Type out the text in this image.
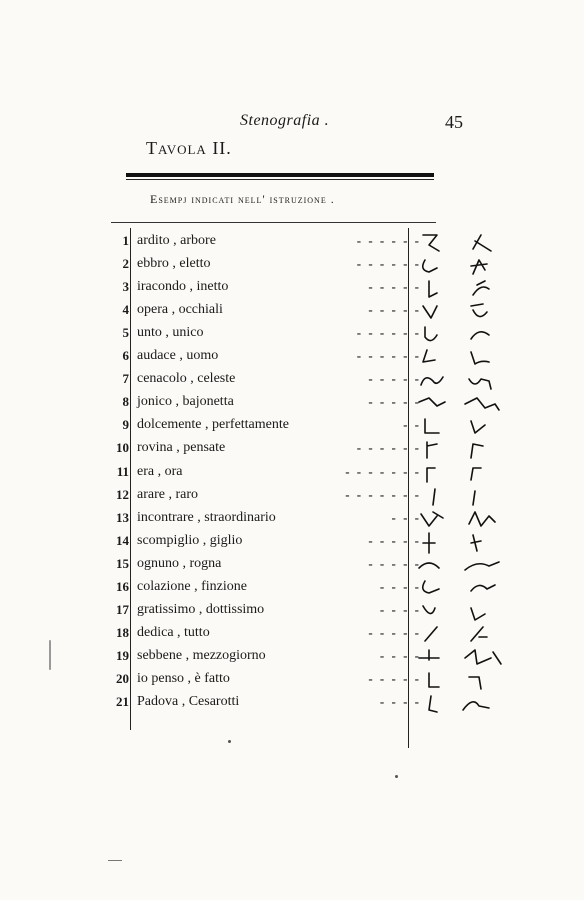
Stenografia .	45
Tavola II.
Esempj indicati nell' istruzione .
1 ardito , arbore	- - - - - -
2 ebbro , eletto	- - - - - -
3 iracondo , inetto	- - - - -
4 opera , occhiali	- - - - -
5 unto , unico	- - - - - -
6 audace , uomo	- - - - - -
7 cenacolo , celeste	- - - - -
8 jonico , bajonetta	- - - - -
9 dolcemente , perfettamente	- -
10 rovina , pensate	- - - - - -
11 era , ora	- - - - - - -
12 arare , raro	- - - - - - -
13 incontrare , straordinario	- - -
14 scompiglio , giglio	- - - - -
15 ognuno , rogna	- - - - -
16 colazione , finzione	- - - -
17 gratissimo , dottissimo	- - - -
18 dedica , tutto	- - - - -
19 sebbene , mezzogiorno	- - - -
20 io penso , è fatto	- - - - -
21 Padova , Cesarotti	- - - -
